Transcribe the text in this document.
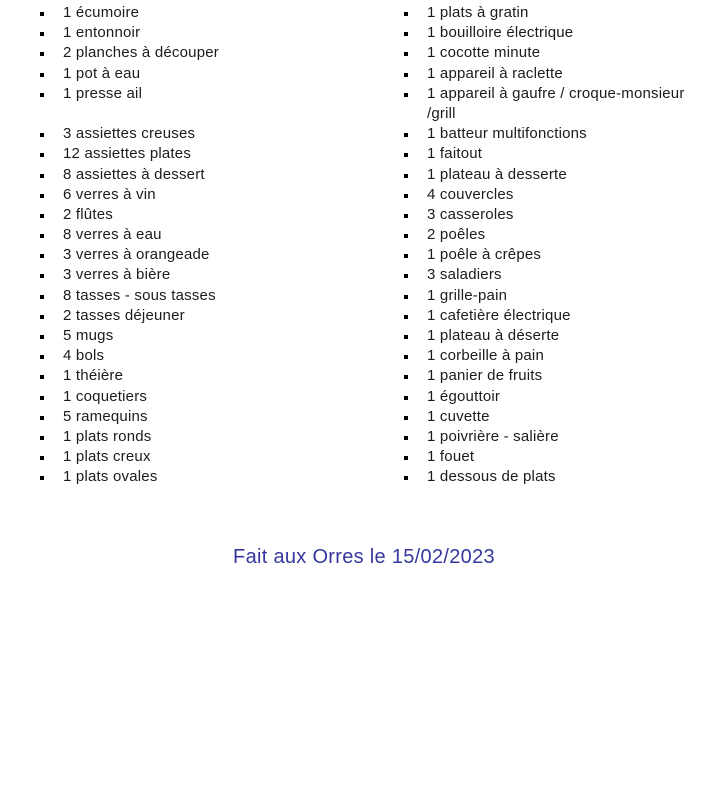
1 écumoire
1 entonnoir
2 planches à découper
1 pot à eau
1 presse ail
3 assiettes creuses
12 assiettes plates
8 assiettes à dessert
6 verres à vin
2 flûtes
8 verres à eau
3 verres à orangeade
3 verres à bière
8 tasses - sous tasses
2 tasses déjeuner
5 mugs
4 bols
1 théière
1 coquetiers
5 ramequins
1 plats ronds
1 plats creux
1 plats ovales
1 plats à gratin
1 bouilloire électrique
1 cocotte minute
1 appareil à raclette
1 appareil à gaufre / croque-monsieur
/grill
1 batteur multifonctions
1 faitout
1 plateau à desserte
4 couvercles
3 casseroles
2 poêles
1 poêle à crêpes
3 saladiers
1 grille-pain
1 cafetière électrique
1 plateau à déserte
1 corbeille à pain
1 panier de fruits
1 égouttoir
1 cuvette
1 poivrière - salière
1 fouet
1 dessous de plats
Fait aux Orres le 15/02/2023
